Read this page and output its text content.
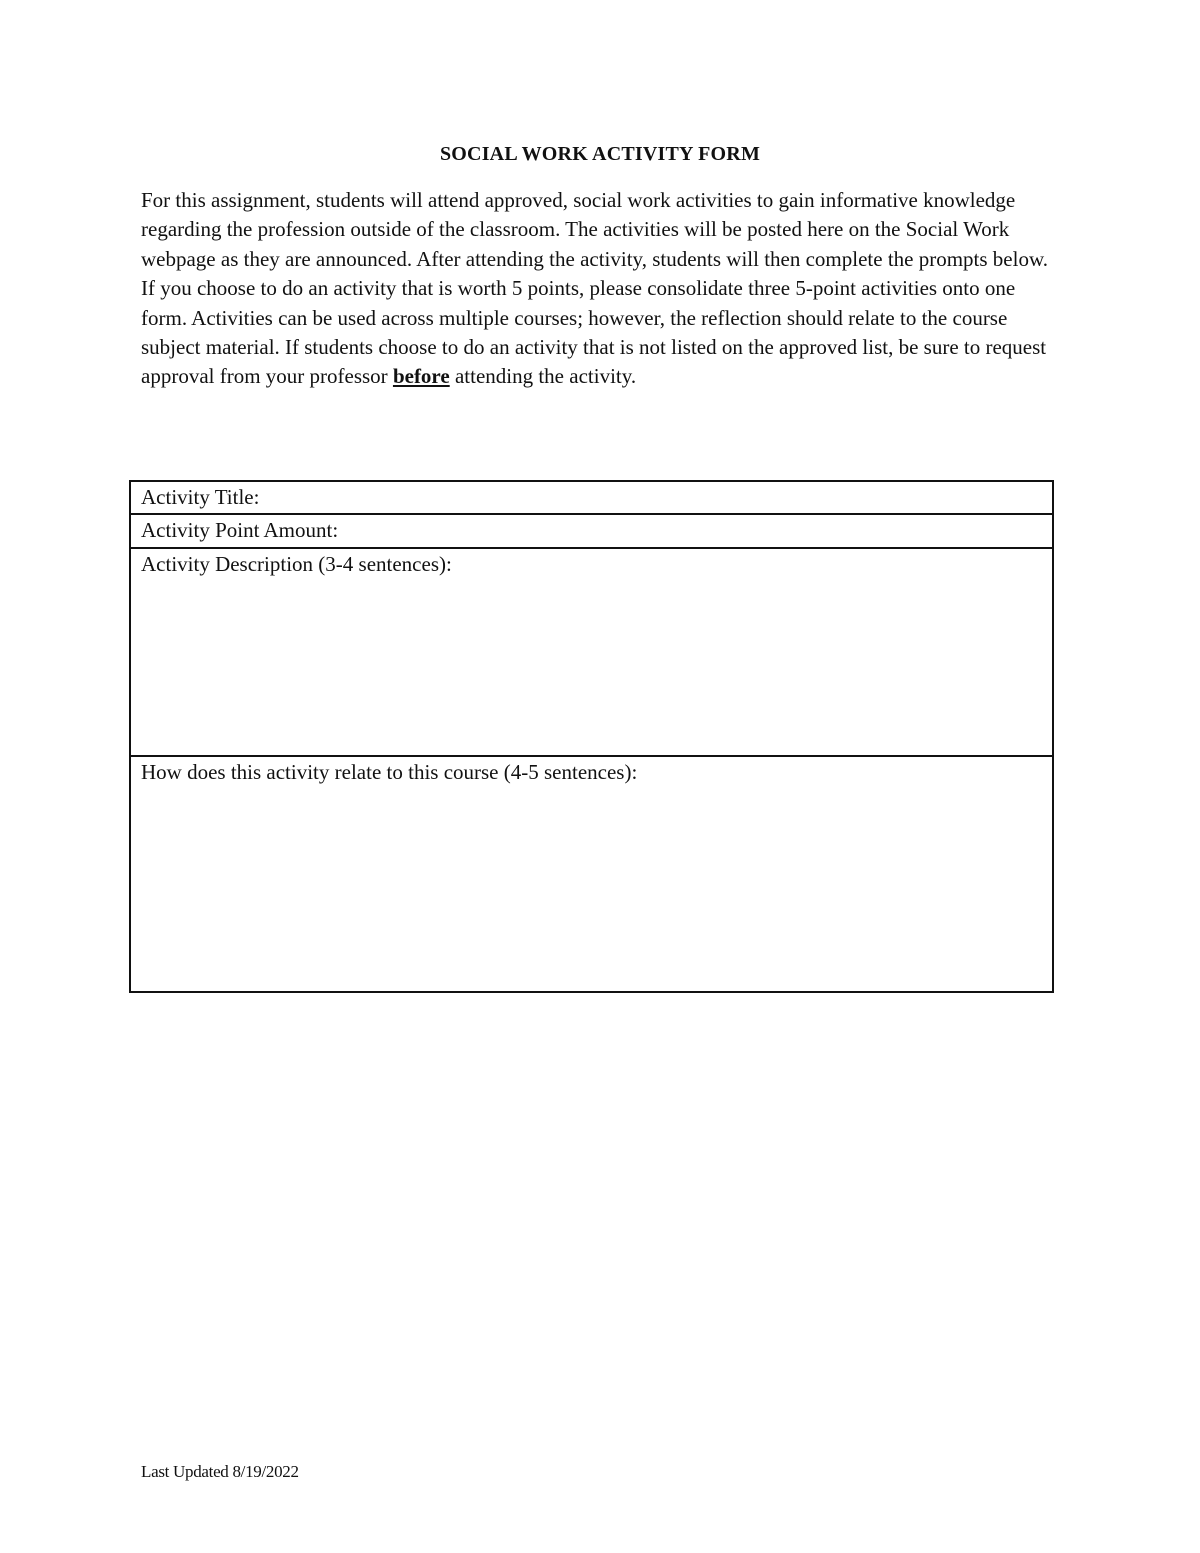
SOCIAL WORK ACTIVITY FORM

For this assignment, students will attend approved, social work activities to gain informative knowledge regarding the profession outside of the classroom. The activities will be posted here on the Social Work webpage as they are announced. After attending the activity, students will then complete the prompts below. If you choose to do an activity that is worth 5 points, please consolidate three 5-point activities onto one form. Activities can be used across multiple courses; however, the reflection should relate to the course subject material. If students choose to do an activity that is not listed on the approved list, be sure to request approval from your professor before attending the activity.

Activity Title:
Activity Point Amount:
Activity Description (3-4 sentences):
How does this activity relate to this course (4-5 sentences):
Last Updated 8/19/2022
